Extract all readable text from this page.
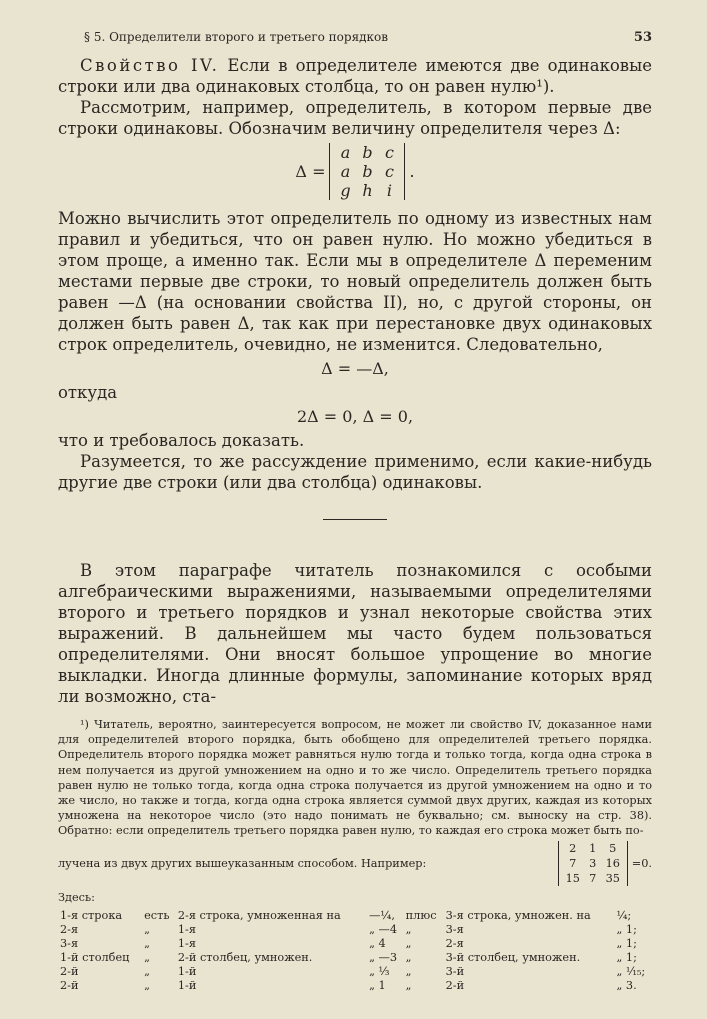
§ 5. Определители второго и третьего порядков	53

Свойство IV. Если в определителе имеются две одинаковые строки или два одинаковых столбца, то он равен нулю¹).

Рассмотрим, например, определитель, в котором первые две строки одинаковы. Обозначим величину определителя через Δ:

Δ =
a b c
a b c
g h i
.

Можно вычислить этот определитель по одному из известных нам правил и убедиться, что он равен нулю. Но можно убедиться в этом проще, а именно так. Если мы в определителе Δ переменим местами первые две строки, то новый определитель должен быть равен —Δ (на основании свойства II), но, с другой стороны, он должен быть равен Δ, так как при перестановке двух одинаковых строк определитель, очевидно, не изменится. Следовательно,

Δ = —Δ,

откуда

2Δ = 0, Δ = 0,

что и требовалось доказать.

Разумеется, то же рассуждение применимо, если какие-нибудь другие две строки (или два столбца) одинаковы.

В этом параграфе читатель познакомился с особыми алгебраическими выражениями, называемыми определителями второго и третьего порядков и узнал некоторые свойства этих выражений. В дальнейшем мы часто будем пользоваться определителями. Они вносят большое упрощение во многие выкладки. Иногда длинные формулы, запоминание которых вряд ли возможно, ста-

¹) Читатель, вероятно, заинтересуется вопросом, не может ли свойство IV, доказанное нами для определителей второго порядка, быть обобщено для определителей третьего порядка. Определитель второго порядка может равняться нулю тогда и только тогда, когда одна строка в нем получается из другой умножением на одно и то же число. Определитель третьего порядка равен нулю не только тогда, когда одна строка получается из другой умножением на одно и то же число, но также и тогда, когда одна строка является суммой двух других, каждая из которых умножена на некоторое число (это надо понимать не буквально; см. выноску на стр. 38). Обратно: если определитель третьего порядка равен нулю, то каждая его строка может быть по-

лучена из двух других вышеуказанным способом. Например:
2	1	5
7	3 16
15 7 35
=0.
Здесь:
1-я строка	есть	2-я строка, умноженная на	—¼,	плюс	3-я строка, умножен. на	¼;
2-я	„	1-я	„ —4	„	3-я	„ 1;
3-я	„	1-я	„ 4	„	2-я	„ 1;
1-й столбец	„	2-й столбец, умножен.	„ —3	„	3-й столбец, умножен.	„ 1;
2-й	„	1-й	„ ⅓	„	3-й	„ ¹⁄₁₅;
2-й	„	1-й	„ 1	„	2-й	„ 3.
